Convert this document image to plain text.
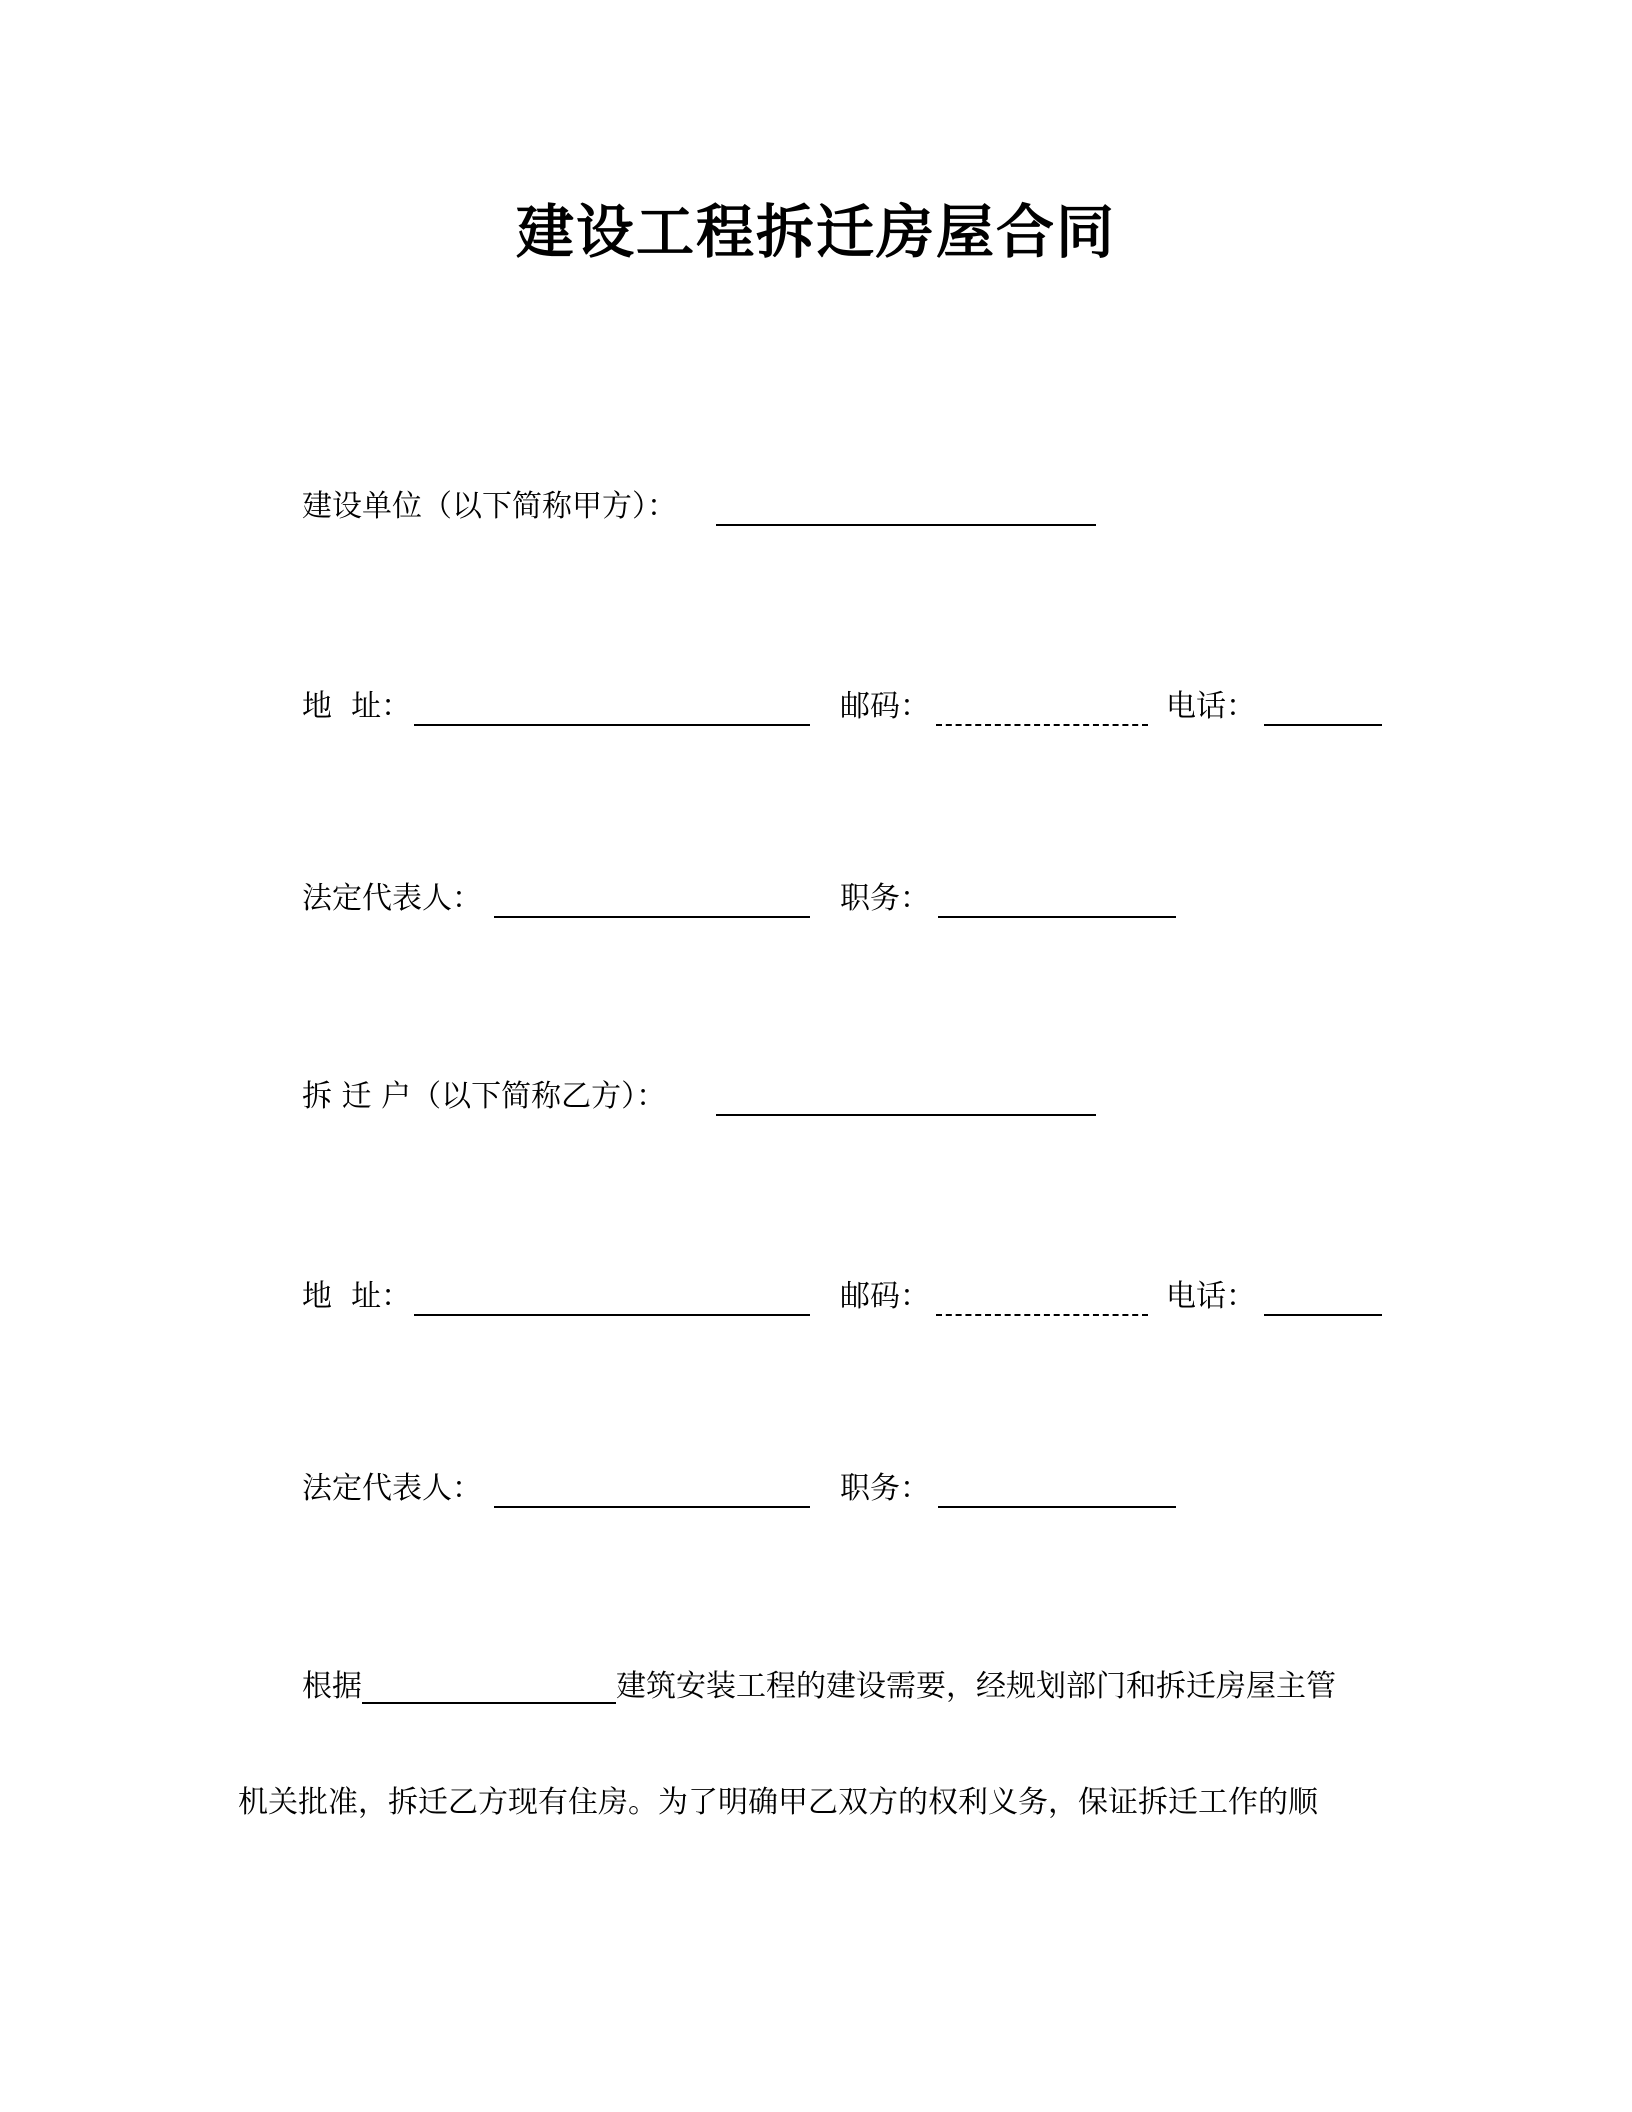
建设工程拆迁房屋合同
建设单位（以下简称甲方）：
地  址：	邮码：	电话：
法定代表人：	职务：
拆 迁 户（以下简称乙方）：
地  址：	邮码：	电话：
法定代表人：	职务：
根据	建筑安装工程的建设需要，经规划部门和拆迁房屋主管
机关批准，拆迁乙方现有住房。为了明确甲乙双方的权利义务，保证拆迁工作的顺
